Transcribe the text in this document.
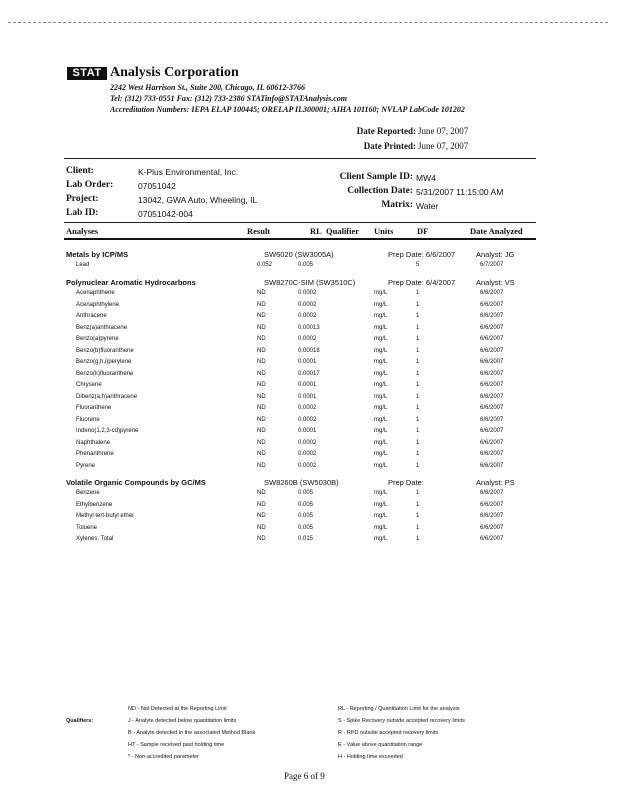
STAT Analysis Corporation
2242 West Harrison St., Suite 200, Chicago, IL 60612-3766
Tel: (312) 733-0551 Fax: (312) 733-2386 STATinfo@STATAnalysis.com
Accreditation Numbers: IEPA ELAP 100445; ORELAP IL300001; AIHA 101160; NVLAP LabCode 101202
Date Reported: June 07, 2007
Date Printed: June 07, 2007
Client:	K-Plus Environmental, Inc.
Lab Order:	07051042
Project:	13042, GWA Auto, Wheeling, IL
Lab ID:	07051042-004
Client Sample ID: MW4
Collection Date: 5/31/2007 11:15:00 AM
Matrix: Water
Analyses	Result	RL Qualifier Units	DF	Date Analyzed
Metals by ICP/MS	SW6020 (SW3005A)	Prep Date: 6/6/2007	Analyst: JG
Lead	0.052	0.005	5	6/7/2007
Polynuclear Aromatic Hydrocarbons	SW8270C-SIM (SW3510C)	Prep Date: 6/4/2007	Analyst: VS
Acenaphthene	ND	0.0002	mg/L	1	6/6/2007
Acenaphthylene	ND	0.0002	mg/L	1	6/6/2007
Anthracene	ND	0.0002	mg/L	1	6/6/2007
Benz(a)anthracene	ND	0.00013	mg/L	1	6/6/2007
Benzo(a)pyrene	ND	0.0002	mg/L	1	6/6/2007
Benzo(b)fluoranthene	ND	0.00018	mg/L	1	6/6/2007
Benzo(g,h,i)perylene	ND	0.0001	mg/L	1	6/6/2007
Benzo(k)fluoranthene	ND	0.00017	mg/L	1	6/6/2007
Chrysene	ND	0.0001	mg/L	1	6/6/2007
Dibenz(a,h)anthracene	ND	0.0001	mg/L	1	6/6/2007
Fluoranthene	ND	0.0002	mg/L	1	6/6/2007
Fluorene	ND	0.0002	mg/L	1	6/6/2007
Indeno(1,2,3-cd)pyrene	ND	0.0001	mg/L	1	6/6/2007
Naphthalene	ND	0.0002	mg/L	1	6/6/2007
Phenanthrene	ND	0.0002	mg/L	1	6/6/2007
Pyrene	ND	0.0002	mg/L	1	6/6/2007
Volatile Organic Compounds by GC/MS	SW8260B (SW5030B)	Prep Date:	Analyst: PS
Benzene	ND	0.005	mg/L	1	6/6/2007
Ethylbenzene	ND	0.005	mg/L	1	6/6/2007
Methyl tert-butyl ether	ND	0.005	mg/L	1	6/6/2007
Toluene	ND	0.005	mg/L	1	6/6/2007
Xylenes, Total	ND	0.015	mg/L	1	6/6/2007
Qualifiers:
ND - Not Detected at the Reporting Limit
J - Analyte detected below quantitation limits
B - Analyte detected in the associated Method Blank
HT - Sample received past holding time
* - Non-accredited parameter
RL - Reporting / Quantitation Limit for the analysis
S - Spike Recovery outside accepted recovery limits
R - RPD outside accepted recovery limits
E - Value above quantitation range
H - Holding time exceeded
Page 6 of 9
